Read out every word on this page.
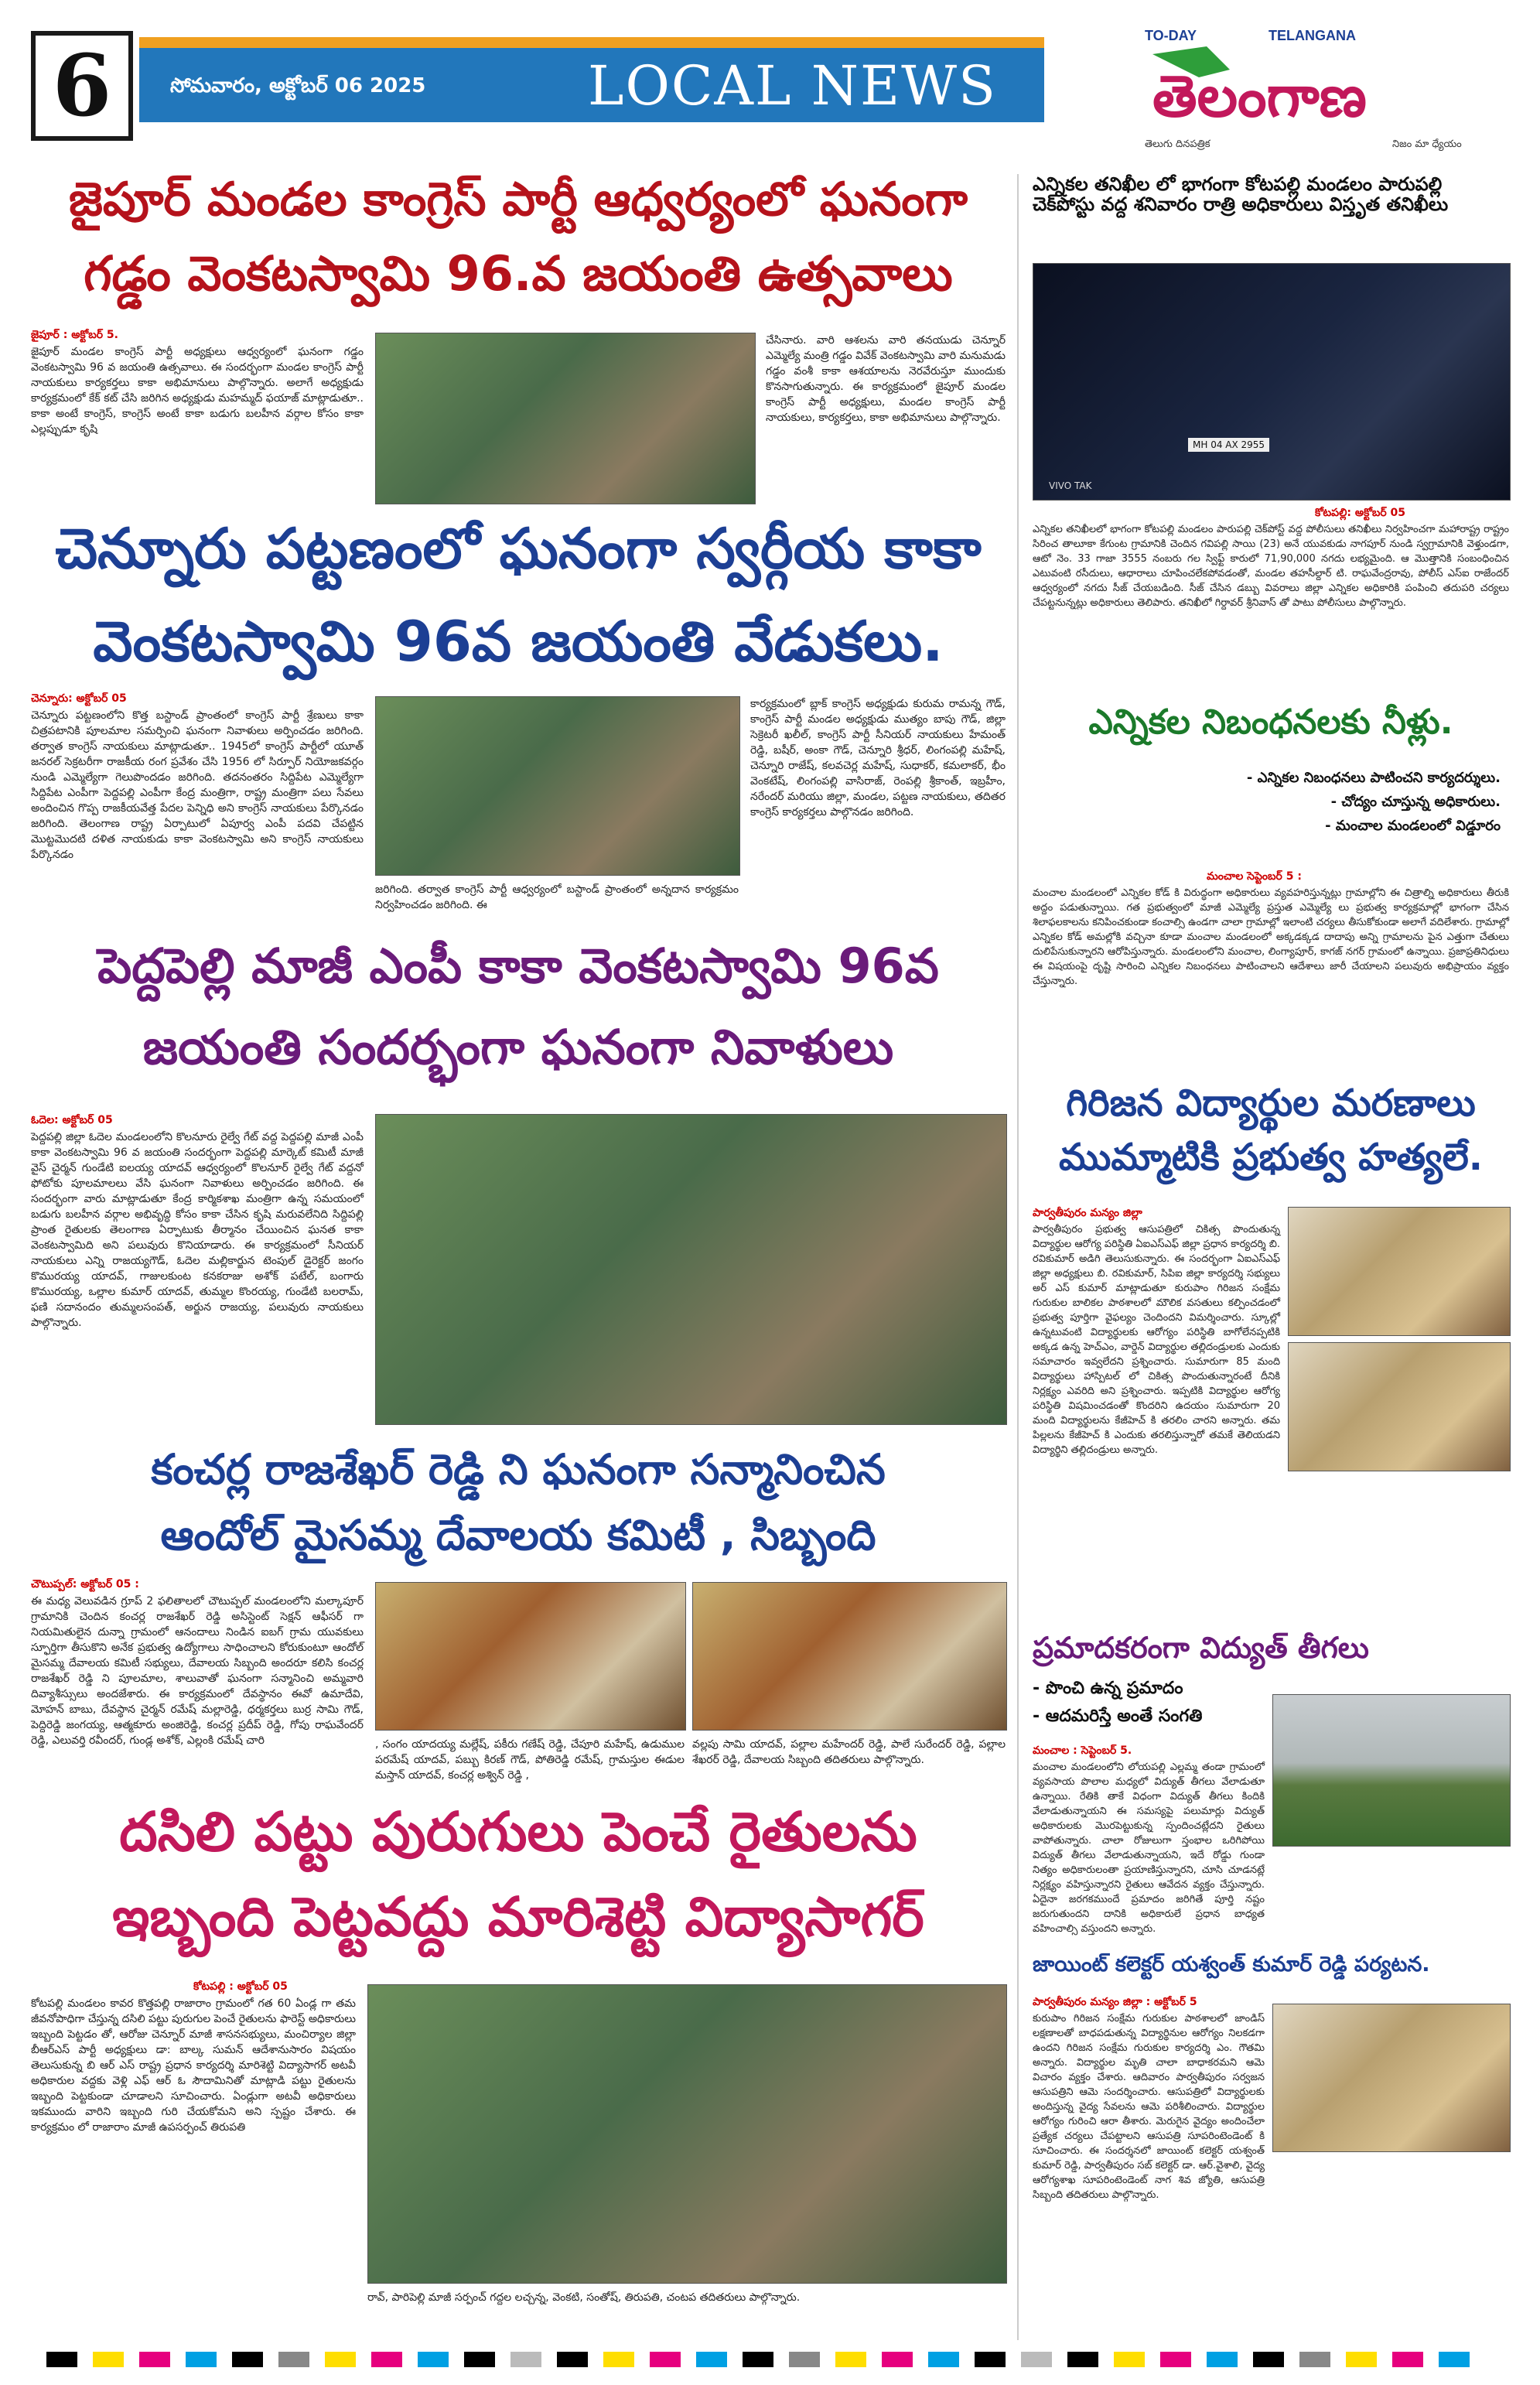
6	సోమవారం, అక్టోబర్ 06 2025	LOCAL NEWS
TO-DAY	TELANGANA
తెలంగాణ
తెలుగు దినపత్రిక	నిజం మా ధ్యేయం
జైపూర్ మండల కాంగ్రెస్ పార్టీ ఆధ్వర్యంలో ఘనంగా
గడ్డం వెంకటస్వామి 96.వ జయంతి ఉత్సవాలు
జైపూర్ : అక్టోబర్ 5.
జైపూర్ మండల కాంగ్రెస్ పార్టీ అధ్యక్షులు ఆధ్వర్యంలో ఘనంగా గడ్డం వెంకటస్వామి 96 వ జయంతి ఉత్సవాలు. ఈ సందర్భంగా మండల కాంగ్రెస్ పార్టీ నాయకులు కార్యకర్తలు కాకా అభిమానులు పాల్గొన్నారు. అలాగే అధ్యక్షుడు కార్యక్రమంలో కేక్ కట్ చేసి జరిగిన అధ్యక్షుడు మహమ్మద్ ఫయాజ్ మాట్లాడుతూ.. కాకా అంటే కాంగ్రెస్, కాంగ్రెస్ అంటే కాకా బడుగు బలహీన వర్గాల కోసం కాకా ఎల్లప్పుడూ కృషి
చేసినారు. వారి ఆశలను వారి తనయుడు చెన్నూర్ ఎమ్మెల్యే మంత్రి గడ్డం వివేక్ వెంకటస్వామి వారి మనుమడు గడ్డం వంశీ కాకా ఆశయాలను నెరవేరుస్తూ ముందుకు కొనసాగుతున్నారు. ఈ కార్యక్రమంలో జైపూర్ మండల కాంగ్రెస్ పార్టీ అధ్యక్షులు, మండల కాంగ్రెస్ పార్టీ నాయకులు, కార్యకర్తలు, కాకా అభిమానులు పాల్గొన్నారు.
చెన్నూరు పట్టణంలో ఘనంగా స్వర్గీయ కాకా
వెంకటస్వామి 96వ జయంతి వేడుకలు.
చెన్నూరు: అక్టోబర్ 05
చెన్నూరు పట్టణంలోని కొత్త బస్టాండ్ ప్రాంతంలో కాంగ్రెస్ పార్టీ శ్రేణులు కాకా చిత్రపటానికి పూలమాల సమర్పించి ఘనంగా నివాళులు అర్పించడం జరిగింది. తర్వాత కాంగ్రెస్ నాయకులు మాట్లాడుతూ.. 1945లో కాంగ్రెస్ పార్టీలో యూత్ జనరల్ సెక్రటరీగా రాజకీయ రంగ ప్రవేశం చేసి 1956 లో సిర్పూర్ నియోజకవర్గం నుండి ఎమ్మెల్యేగా గెలుపొందడం జరిగింది. తదనంతరం సిద్దిపేట ఎమ్మెల్యేగా సిద్దిపేట ఎంపీగా పెద్దపల్లి ఎంపీగా కేంద్ర మంత్రిగా, రాష్ట్ర మంత్రిగా పలు సేవలు అందించిన గొప్ప రాజకీయవేత్త పేదల పెన్నిధి అని కాంగ్రెస్ నాయకులు పేర్కొనడం జరిగింది. తెలంగాణ రాష్ట్ర ఏర్పాటులో ఏపూర్వ ఎంపీ పదవి చేపట్టిన మొట్టమొదటి దళిత నాయకుడు కాకా వెంకటస్వామి అని కాంగ్రెస్ నాయకులు పేర్కొనడం
జరిగింది. తర్వాత కాంగ్రెస్ పార్టీ ఆధ్వర్యంలో బస్టాండ్ ప్రాంతంలో అన్నదాన కార్యక్రమం నిర్వహించడం జరిగింది. ఈ
కార్యక్రమంలో బ్లాక్ కాంగ్రెస్ అధ్యక్షుడు కురుమ రామన్న గౌడ్, కాంగ్రెస్ పార్టీ మండల అధ్యక్షుడు ముత్యం బాపు గౌడ్, జిల్లా సెక్రెటరీ ఖలీల్, కాంగ్రెస్ పార్టీ సీనియర్ నాయకులు హేమంత్ రెడ్డి, బషీర్, అంకా గౌడ్, చెన్నూరి శ్రీధర్, లింగంపల్లి మహేష్, చెన్నూరి రాజేష్, కలవచెర్ల మహేష్, సుధాకర్, కమలాకర్, భీం వెంకటేష్, లింగంపల్లి వాసిరాజ్, రెంపల్లి శ్రీకాంత్, ఇబ్రహీం, నరేందర్ మరియు జిల్లా, మండల, పట్టణ నాయకులు, తదితర కాంగ్రెస్ కార్యకర్తలు పాల్గొనడం జరిగింది.
పెద్దపెల్లి మాజీ ఎంపీ కాకా వెంకటస్వామి 96వ
జయంతి సందర్భంగా ఘనంగా నివాళులు
ఓదెల: అక్టోబర్ 05
పెద్దపల్లి జిల్లా ఓదెల మండలంలోని కొలనూరు రైల్వే గేట్ వద్ద పెద్దపల్లి మాజీ ఎంపీ కాకా వెంకటస్వామి 96 వ జయంతి సందర్భంగా పెద్దపల్లి మార్కెట్ కమిటీ మాజీ వైస్ చైర్మన్ గుండేటి ఐలయ్య యాదవ్ ఆధ్వర్యంలో కొలనూర్ రైల్వే గేట్ వద్దనో ఫోటోకు పూలమాలలు వేసి ఘనంగా నివాళులు అర్పించడం జరిగింది. ఈ సందర్భంగా వారు మాట్లాడుతూ కేంద్ర కార్మికశాఖ మంత్రిగా ఉన్న సమయంలో బడుగు బలహీన వర్గాల అభివృద్ధి కోసం కాకా చేసిన కృషి మరువలేనిది సిద్దిపల్లి ప్రాంత రైతులకు తెలంగాణ ఏర్పాటుకు తీర్మానం చేయించిన ఘనత కాకా వెంకటస్వామిది అని పలువురు కొనియాడారు. ఈ కార్యక్రమంలో సీనియర్ నాయకులు ఎన్ని రాజయ్యగౌడ్, ఓదెల మల్లికార్జున టెంపుల్ డైరెక్టర్ జంగం కొమురయ్య యాదవ్, గాజులకుంట కనకరాజు అశోక్ పటేల్, బంగారు కొమురయ్య, ఒల్లాల కుమార్ యాదవ్, తుమ్మల కొంరయ్య, గుండేటి బలరామ్, ఫణి సదానందం తుమ్మలసంపత్, అర్జున రాజయ్య, పలువురు నాయకులు పాల్గొన్నారు.
కంచర్ల రాజశేఖర్ రెడ్డి ని ఘనంగా సన్మానించిన
ఆందోల్ మైసమ్మ దేవాలయ కమిటీ , సిబ్బంది
చౌటుప్పల్: అక్టోబర్ 05 :
ఈ మధ్య వెలువడిన గ్రూప్ 2 ఫలితాలలో చౌటుప్పల్ మండలంలోని మల్కాపూర్ గ్రామానికి చెందిన కంచర్ల రాజశేఖర్ రెడ్డి అసిస్టెంట్ సెక్షన్ ఆఫీసర్ గా నియమితులైన దున్నా గ్రామంలో ఆనందాలు నిండిన ఐబగ్ గ్రామ యువకులు స్ఫూర్తిగా తీసుకొని అనేక ప్రభుత్వ ఉద్యోగాలు సాధించాలని కోరుకుంటూ ఆందోల్ మైసమ్మ దేవాలయ కమిటీ సభ్యులు, దేవాలయ సిబ్బంది అందరూ కలిసి కంచర్ల రాజశేఖర్ రెడ్డి ని పూలమాల, శాలువాతో ఘనంగా సన్మానించి అమ్మవారి దివ్యాశీస్సులు అందజేశారు. ఈ కార్యక్రమంలో దేవస్థానం ఈవో ఉమాదేవి, మోహన్ బాబు, దేవస్థాన చైర్మన్ రమేష్ మల్లారెడ్డి, ధర్మకర్తలు బుర్ర సామి గౌడ్, పెద్దిరెడ్డి జంగయ్య, ఆత్మకూరు అంజిరెడ్డి, కంచర్ల ప్రదీప్ రెడ్డి, గోపు రాఘవేందర్ రెడ్డి, ఎలువర్తి రవీందర్, గుండ్ల అశోక్, ఎల్లంకి రమేష్ చారి	, సంగం యాదయ్య మల్లేష్, పకీరు గణేష్ రెడ్డి, చేపూరి మహేష్, ఉడుముల పరమేష్ యాదవ్, పబ్బు కిరణ్ గౌడ్, పోతిరెడ్డి రమేష్, గ్రామస్తుల ఈడుల మస్తాన్ యాదవ్, కంచర్ల అశ్విన్ రెడ్డి ,
వల్లపు సామి యాదవ్, పల్లాల మహేందర్ రెడ్డి, పాలే సురేందర్ రెడ్డి, పల్లాల శేఖరర్ రెడ్డి, దేవాలయ సిబ్బంది తదితరులు పాల్గొన్నారు.
దసిలి పట్టు పురుగులు పెంచే రైతులను
ఇబ్బంది పెట్టవద్దు మారిశెట్టి విద్యాసాగర్
కోటపల్లి : అక్టోబర్ 05
కోటపల్లి మండలం కావర కొత్తపల్లి రాజారాం గ్రామంలో గత 60 ఏండ్ల గా తమ జీవనోపాధిగా చేస్తున్న దసిలి పట్టు పురుగుల పెంచే రైతులను ఫారెస్ట్ అధికారులు ఇబ్బంది పెట్టడం తో, ఆరోజు చెన్నూర్ మాజీ శాసనసభ్యులు, మంచిర్యాల జిల్లా బీఆర్ఎస్ పార్టీ అధ్యక్షులు డా: బాల్క సుమన్ ఆదేశానుసారం విషయం తెలుసుకున్న బి ఆర్ ఎస్ రాష్ట్ర ప్రధాన కార్యదర్శి మారిశెట్టి విద్యాసాగర్ అటవీ అధికారుల వద్దకు వెళ్లి ఎఫ్ ఆర్ ఓ సౌదామినితో మాట్లాడి పట్టు రైతులను ఇబ్బంది పెట్టకుండా చూడాలని సూచించారు. ఏండ్లుగా అటవీ అధికారులు ఇకముందు వారిని ఇబ్బంది గురి చేయకోమని అని స్పష్టం చేశారు. ఈ కార్యక్రమం లో రాజారాం మాజీ ఉపసర్పంచ్ తిరుపతి
రావ్, పారిపెల్లి మాజీ సర్పంచ్ గద్దల లచ్చన్న, వెంకటి, సంతోష్, తిరుపతి, చంటప తదితరులు పాల్గొన్నారు.
ఎన్నికల తనిఖీల లో భాగంగా కోటపల్లి మండలం పారుపల్లి చెక్‌పోస్టు వద్ద శనివారం రాత్రి అధికారులు విస్తృత తనిఖీలు
MH 04 AX 2955
VIVO TAK
కోటపల్లి: అక్టోబర్ 05
ఎన్నికల తనిఖీలలో భాగంగా కోటపల్లి మండలం పారుపల్లి చెక్‌పోస్ట్ వద్ద పోలీసులు తనిఖీలు నిర్వహించగా మహారాష్ట్ర రాష్ట్రం సిరించ తాలూకా కేగుంట గ్రామానికి చెందిన గవిపల్లి సాయి (23) అనే యువకుడు నాగపూర్ నుండి స్వగ్రామానికి వెళ్తుండగా, ఆటో నెం. 33 గాజా 3555 నంబరు గల స్విఫ్ట్ కారులో 71,90,000 నగదు లభ్యమైంది. ఆ మొత్తానికి సంబంధించిన ఎటువంటి రసీదులు, ఆధారాలు చూపించలేకపోవడంతో, మండల తహసీల్దార్ టి. రాఘవేంద్రరావు, పోలీస్ ఎస్ఐ రాజేందర్ ఆధ్వర్యంలో నగదు సీజ్ చేయబడింది. సీజ్ చేసిన డబ్బు వివరాలు జిల్లా ఎన్నికల అధికారికి పంపించి తదుపరి చర్యలు చేపట్టనున్నట్లు అధికారులు తెలిపారు. తనిఖీలో గిర్దావర్ శ్రీనివాస్ తో పాటు పోలీసులు పాల్గొన్నారు.
ఎన్నికల నిబంధనలకు నీళ్లు.
- ఎన్నికల నిబంధనలు పాటించని కార్యదర్శులు.
- చోద్యం చూస్తున్న అధికారులు.
- మంచాల మండలంలో విడ్డూరం
మంచాల సెప్టెంబర్ 5 :
మంచాల మండలంలో ఎన్నికల కోడ్ కి విరుద్ధంగా అధికారులు వ్యవహరిస్తున్నట్లు గ్రామాల్లోని ఈ చిత్రాల్ని అధికారులు తీరుకి అద్దం పడుతున్నాయి. గత ప్రభుత్వంలో మాజీ ఎమ్మెల్యే ప్రస్తుత ఎమ్మెల్యే లు ప్రభుత్వ కార్యక్రమాల్లో భాగంగా చేసిన శిలాఫలకాలను కనిపించకుండా కంచాల్సి ఉండగా చాలా గ్రామాల్లో ఇలాంటి చర్యలు తీసుకోకుండా అలాగే వదిలేశారు. గ్రామాల్లో ఎన్నికల కోడ్ అమల్లోకి వచ్చినా కూడా మంచాల మండలంలో అక్కడక్కడ దాదాపు అన్ని గ్రామాలను పైన ఎత్తుగా చేతులు దులిపేసుకున్నారని ఆరోపిస్తున్నారు. మండలంలోని మంచాల, లింగ్యాపూర్, కాగజ్ నగర్ గ్రామంలో ఉన్నాయి. ప్రజాప్రతినిధులు ఈ విషయంపై దృష్టి సారించి ఎన్నికల నిబంధనలు పాటించాలని ఆదేశాలు జారీ చేయాలని పలువురు అభిప్రాయం వ్యక్తం చేస్తున్నారు.
గిరిజన విద్యార్థుల మరణాలు
ముమ్మాటికి ప్రభుత్వ హత్యలే.
పార్వతీపురం మన్యం జిల్లా
పార్వతీపురం ప్రభుత్వ ఆసుపత్రిలో చికిత్స పొందుతున్న విద్యార్థుల ఆరోగ్య పరిస్థితి ఏఐఎస్ఎఫ్ జిల్లా ప్రధాన కార్యదర్శి బి. రవికుమార్ అడిగి తెలుసుకున్నారు. ఈ సందర్భంగా ఏఐఎస్ఎఫ్ జిల్లా అధ్యక్షులు బి. రవికుమార్, సిపిఐ జిల్లా కార్యదర్శి సభ్యులు అర్ ఎస్ కుమార్ మాట్లాడుతూ కురుపాం గిరిజన సంక్షేమ గురుకుల బాలికల పాఠశాలలో మౌలిక వసతులు కల్పించడంలో ప్రభుత్వ పూర్తిగా వైఫల్యం చెందిందని విమర్శించారు. స్కూల్లో ఉన్నటువంటి విద్యార్థులకు ఆరోగ్యం పరిస్థితి బాగోలేనప్పటికి అక్కడ ఉన్న హెచ్ఎం, వార్డెన్ విద్యార్థుల తల్లిదండ్రులకు ఎందుకు సమాచారం ఇవ్వలేదని ప్రశ్నించారు. సుమారుగా 85 మంది విద్యార్థులు హాస్పిటల్ లో చికిత్స పొందుతున్నారంటే దీనికి నిర్లక్ష్యం ఎవరిది అని ప్రశ్నించారు. ఇప్పటికి విద్యార్థుల ఆరోగ్య పరిస్థితి విషమించడంతో కొందరిని ఉదయం సుమారుగా 20 మంది విద్యార్థులను కేజీహెచ్ కి తరలిం చారని అన్నారు. తమ పిల్లలను కేజీహెచ్ కి ఎందుకు తరలిస్తున్నారో తమకే తెలియడని విద్యార్థిని తల్లిదండ్రులు అన్నారు.
ప్రమాదకరంగా విద్యుత్ తీగలు
- పొంచి ఉన్న ప్రమాదం
- ఆదమరిస్తే అంతే సంగతి
మంచాల : సెప్టెంబర్ 5.
మంచాల మండలంలోని లోయపల్లి ఎల్లమ్మ తండా గ్రామంలో వ్యవసాయ పొలాల మధ్యలో విద్యుత్ తీగలు వేలాడుతూ ఉన్నాయి. రేతికి తాకే విధంగా విద్యుత్ తీగలు కిందికి వేలాడుతున్నాయని ఈ సమస్యపై పలుమార్లు విద్యుత్ అధికారులకు మొరపెట్టుకున్న స్పందించట్లేదని రైతులు వాపోతున్నారు. చాలా రోజులుగా స్తంభాల ఒరిగిపోయి విద్యుత్ తీగలు వేలాడుతున్నాయని, ఇదే రోడ్డు గుండా నిత్యం అధికారులంతా ప్రయాణిస్తున్నారని, చూసి చూడనట్లే నిర్లక్ష్యం వహిస్తున్నారని రైతులు ఆవేదన వ్యక్తం చేస్తున్నారు. ఏదైనా జరగకముందే ప్రమాదం జరిగితే పూర్తి నష్టం జరుగుతుందని దానికి అధికారులే ప్రధాన బాధ్యత వహించాల్సి వస్తుందని అన్నారు.
జాయింట్ కలెక్టర్ యశ్వంత్ కుమార్ రెడ్డి పర్యటన.
పార్వతీపురం మన్యం జిల్లా : అక్టోబర్ 5
కురుపాం గిరిజన సంక్షేమ గురుకుల పాఠశాలలో జాండిస్ లక్షణాలతో బాధపడుతున్న విద్యార్థినుల ఆరోగ్యం నిలకడగా ఉందని గిరిజన సంక్షేమ గురుకుల కార్యదర్శి ఎం. గౌతమి అన్నారు. విద్యార్థుల మృతి చాలా బాధాకరమని ఆమె విచారం వ్యక్తం చేశారు. ఆదివారం పార్వతీపురం సర్వజన ఆసుపత్రిని ఆమె సందర్శించారు. ఆసుపత్రిలో విద్యార్థులకు అందిస్తున్న వైద్య సేవలను ఆమె పరిశీలించారు. విద్యార్థుల ఆరోగ్యం గురించి ఆరా తీశారు. మెరుగైన వైద్యం అందించేలా ప్రత్యేక చర్యలు చేపట్టాలని ఆసుపత్రి సూపరింటెండెంట్ కి సూచించారు. ఈ సందర్శనలో జాయింట్ కలెక్టర్ యశ్వంత్ కుమార్ రెడ్డి, పార్వతీపురం సబ్ కలెక్టర్ డా. ఆర్.వైశాలి, వైద్య ఆరోగ్యశాఖ సూపరింటెండెంట్ నాగ శివ జ్యోతి, ఆసుపత్రి సిబ్బంది తదితరులు పాల్గొన్నారు.
